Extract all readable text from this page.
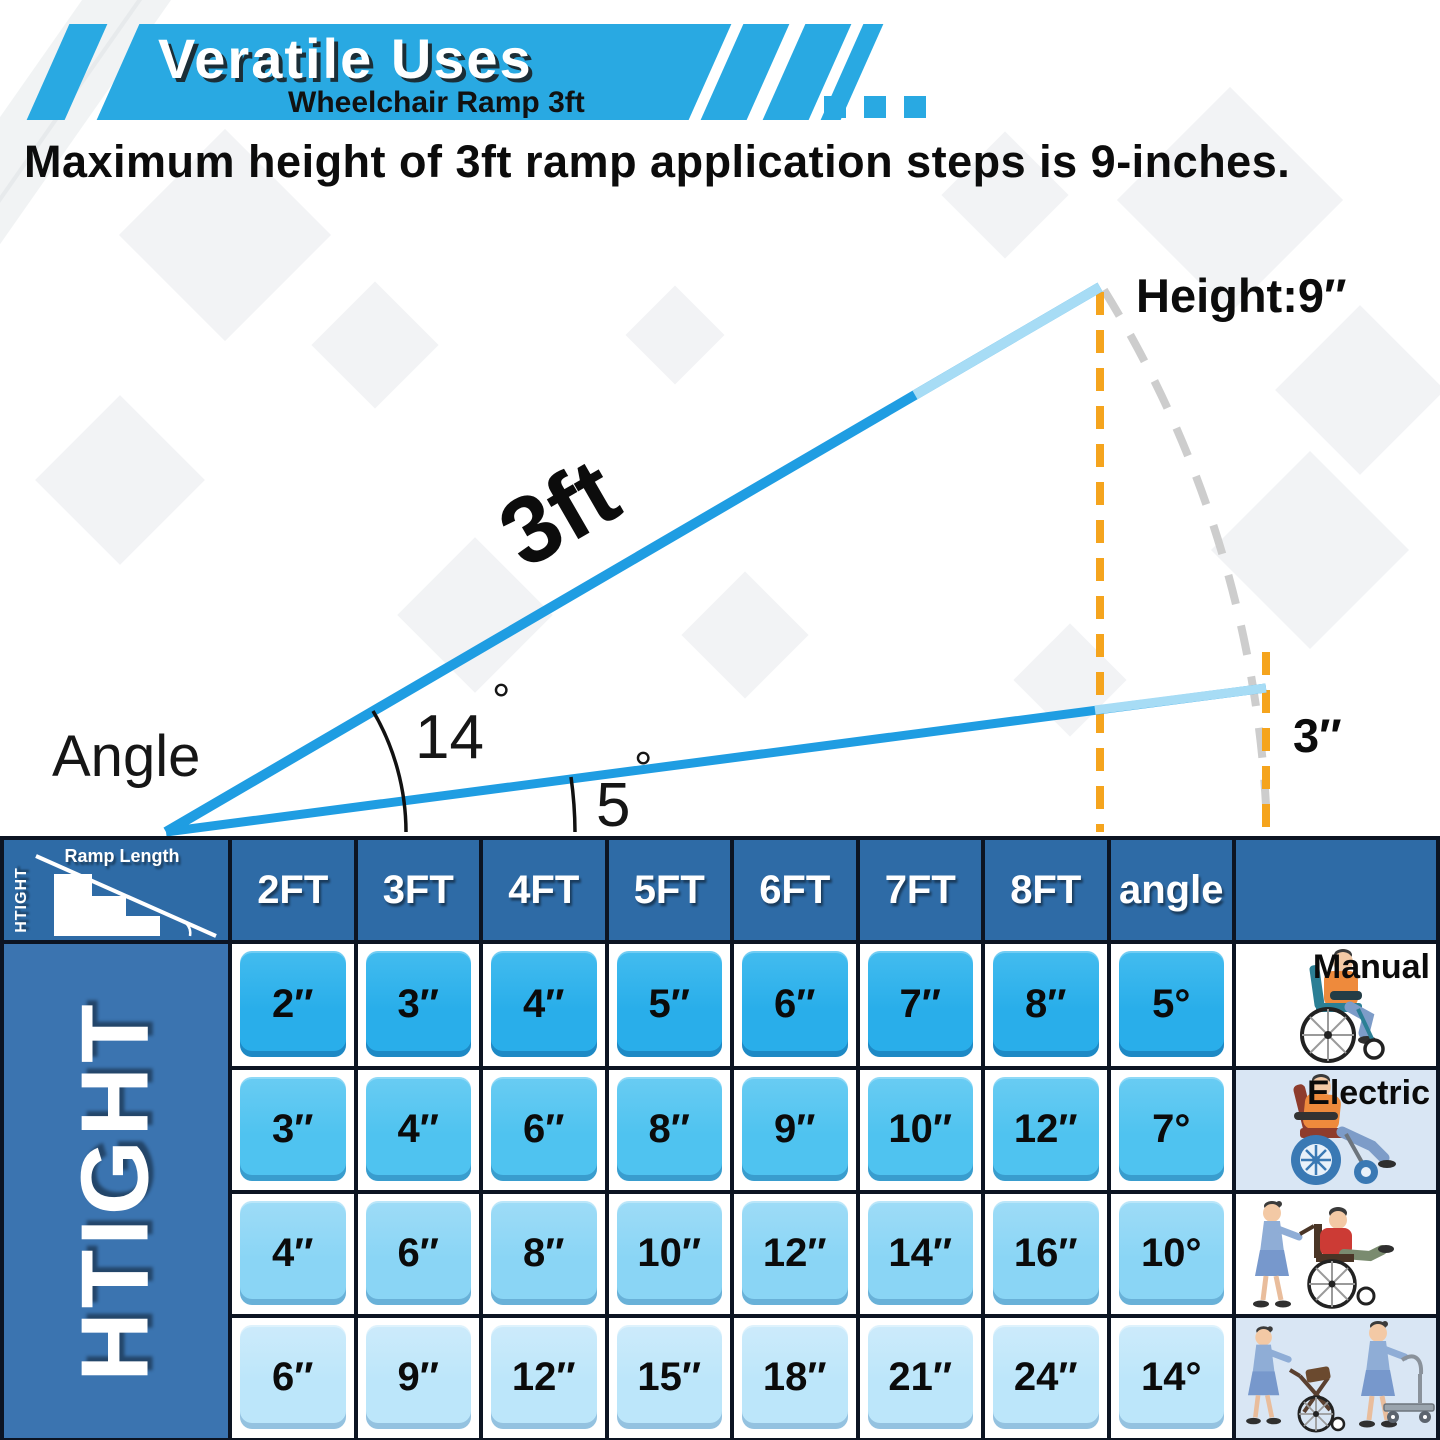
Veratile Uses
Wheelchair Ramp 3ft
Maximum height of 3ft ramp application steps is 9-inches.
Angle	14
°
5
°
3ft
Height:9″
3″
Ramp Length
HTIGHT	2FT	3FT	4FT	5FT	6FT	7FT	8FT angle
HTIGHT	2″	3″	4″	5″	6″	7″	8″	5°
Manual
3″	4″	6″	8″	9″	10″	12″	7°
Electric
4″	6″	8″	10″	12″	14″	16″	10°
6″	9″	12″	15″	18″	21″	24″	14°
